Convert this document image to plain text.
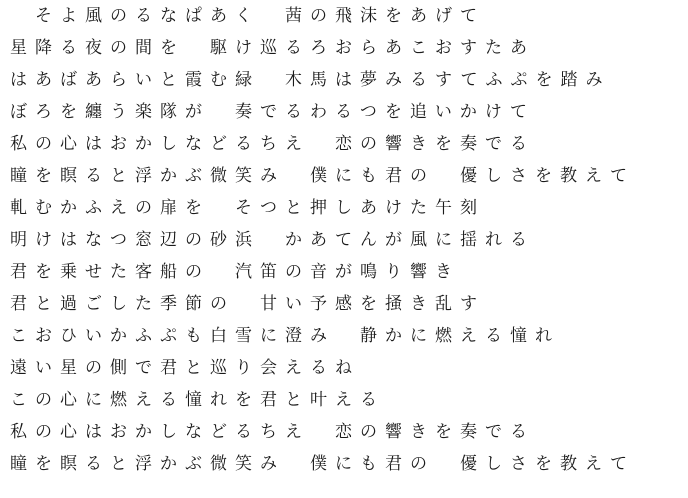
　そよ風のるなぱあく　茜の飛沫をあげて
星降る夜の間を　駆け巡るろおらあこおすたあ
はあばあらいと霞む緑　木馬は夢みるすてふぷを踏み
ぼろを纏う楽隊が　奏でるわるつを追いかけて
私の心はおかしなどるちえ　恋の響きを奏でる
瞳を瞑ると浮かぶ微笑み　僕にも君の　優しさを教えて
軋むかふえの扉を　そつと押しあけた午刻
明けはなつ窓辺の砂浜　かあてんが風に揺れる
君を乗せた客船の　汽笛の音が鳴り響き
君と過ごした季節の　甘い予感を掻き乱す
こおひいかふぷも白雪に澄み　静かに燃える憧れ
遠い星の側で君と巡り会えるね
この心に燃える憧れを君と叶える
私の心はおかしなどるちえ　恋の響きを奏でる
瞳を瞑ると浮かぶ微笑み　僕にも君の　優しさを教えて
